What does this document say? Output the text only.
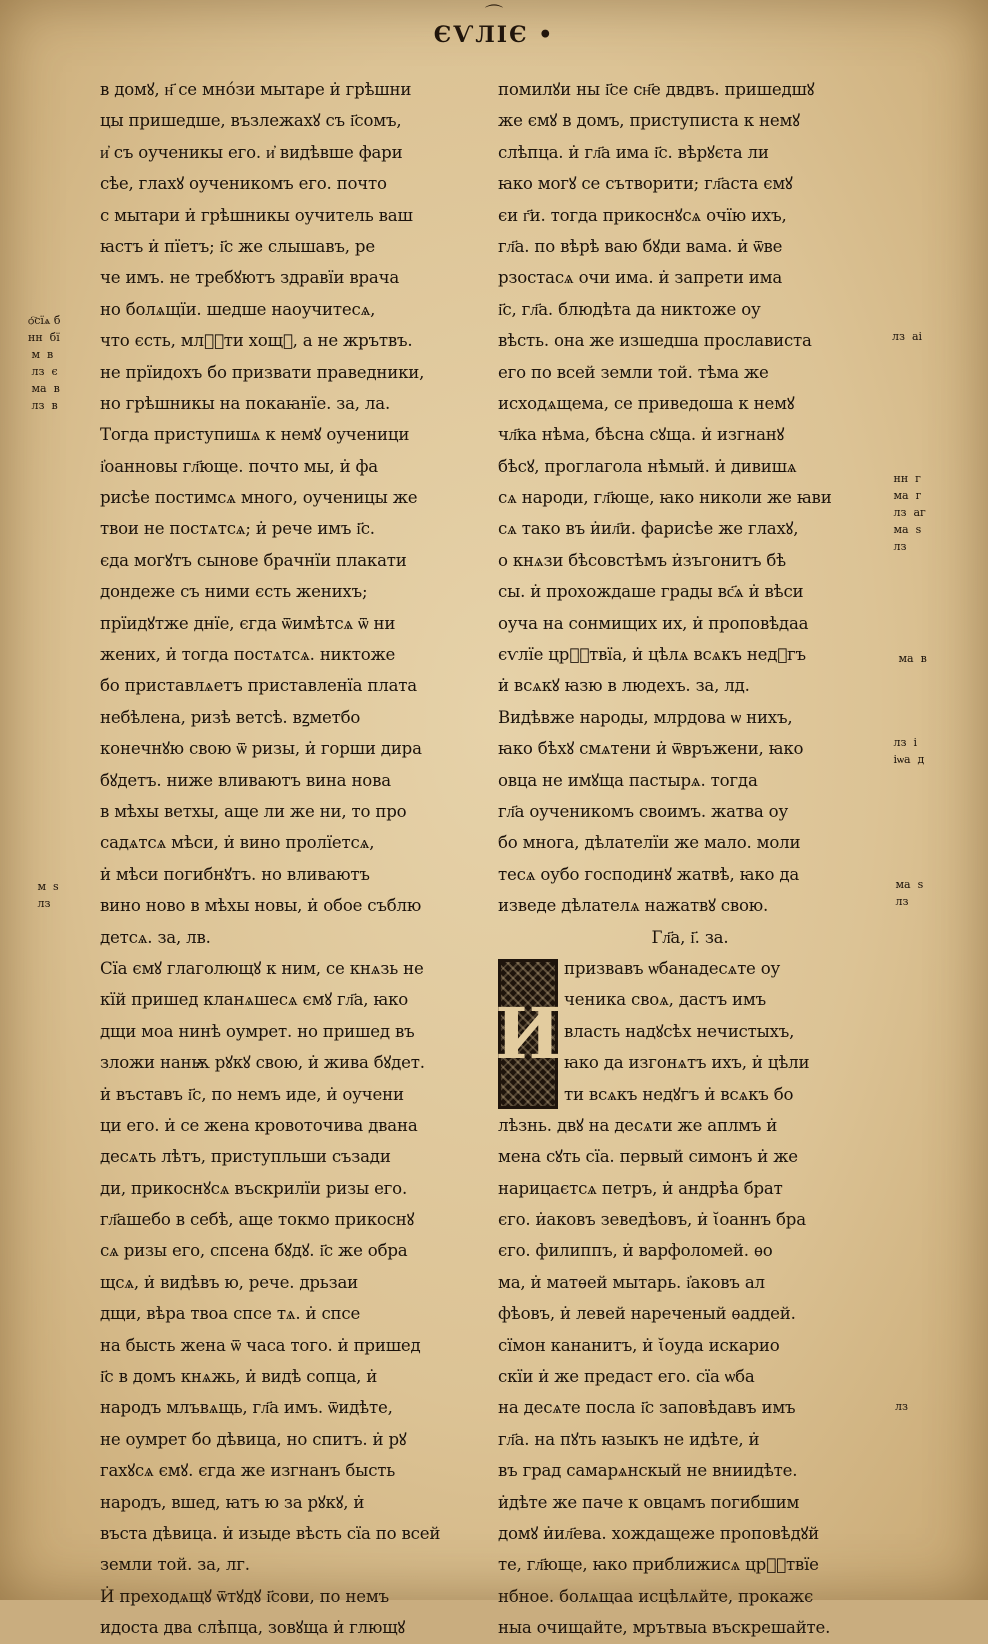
⌒
ЄѴЛІЄ •
в домꙋ, н҃ се мно́зи мытаре и̇ грѣшни
цы пришедше, възлежахꙋ съ і҃сомъ,
и҆ съ оученикы его. и҆ видѣвше фари
сѣе, глахꙋ оученикомъ его. почто
с мытари и̇ грѣшникы оучитель ваш
ꙗстъ и̇ пїетъ; і҃с же слышавъ, ре
че имъ. не требꙋютъ здравїи врача
но болѧщїи. шедше наоучитесѧ,
что єсть, млⷭ҇ти хощꙋ, а не жрътвъ.
не прїидохъ бо призвати праведники,
но грѣшникы на покаꙗнїе. за, ла.
Тогда приступишѧ к немꙋ оученици
і҆оанновы гл҃юще. почто мы, и̇ фа
рисѣе постимсѧ много, оученицы же
твои не постѧтсѧ; и̇ рече имъ і҃с.
єда могꙋтъ сынове брачнїи плакати
дондеже съ ними єсть женихъ;
прїидꙋтже днїе, єгда ѿимѣтсѧ ѿ ни
жених, и̇ тогда постѧтсѧ. никтоже
бо приставлѧетъ приставленїа плата
небѣлена, ризѣ ветсѣ. вꙁметбо
конечнꙋю свою ѿ ризы, и̇ горши дира
бꙋдетъ. ниже вливаютъ вина нова
в мѣхы ветхы, аще ли же ни, то про
садѧтсѧ мѣси, и̇ вино пролїетсѧ,
и̇ мѣси погибнꙋтъ. но вливаютъ
вино ново в мѣхы новы, и̇ обое съблю
детсѧ. за, лв.
Сїа ємꙋ глаголющꙋ к ним, се кнѧзь не
кїй пришед кланѧшесѧ ємꙋ гл҃а, ꙗко
дщи моа нинѣ оумрет. но пришед въ
зложи нанѭ рꙋкꙋ свою, и̇ жива бꙋдет.
и̇ въставъ і҃с, по немъ иде, и̇ оучени
ци его. и̇ се жена кровоточива двана
десѧть лѣтъ, приступльши съзади
ди, прикоснꙋсѧ въскрилїи ризы его.
гл҃ашебо в себѣ, аще токмо прикоснꙋ
сѧ ризы его, спсена бꙋдꙋ. і҃с же обра
щсѧ, и̇ видѣвъ ю, рече. дрьзаи
дщи, вѣра твоа спсе тѧ. и̇ спсе
на бысть жена ѿ часа того. и̇ пришед
і҃с в домъ кнѧжь, и̇ видѣ сопца, и̇
народъ млъвѧщь, гл҃а имъ. ѿидѣте,
не оумрет бо дѣвица, но спитъ. и̇ рꙋ
гахꙋсѧ ємꙋ. єгда же изгнанъ бысть
народъ, вшед, ꙗтъ ю за рꙋкꙋ, и̇
въста дѣвица. и̇ изыде вѣсть сїа по всей
земли той. за, лг.
И̇ преходѧщꙋ ѿтꙋдꙋ і҃сови, по немъ
идоста два слѣпца, зовꙋща и̇ глющꙋ
помилꙋи ны і҃се сн҃е двдвъ. пришедшꙋ
же ємꙋ в домъ, приступиста к немꙋ
слѣпца. и̇ гл҃а има і҃с. вѣрꙋєта ли
ꙗко могꙋ се сътворити; гл҃аста ємꙋ
єи г҃и. тогда прикоснꙋсѧ очїю ихъ,
гл҃а. по вѣрѣ ваю бꙋди вама. и̇ ѿве
рзостасѧ очи има. и̇ запрети има
і҃с, гл҃а. блюдѣта да никтоже оу
вѣсть. она же изшедша прослависта
его по всей земли той. тѣма же
исходѧщема, се приведоша к немꙋ
чл҃ка нѣма, бѣсна сꙋща. и̇ изгнанꙋ
бѣсꙋ, проглагола нѣмый. и̇ дивишѧ
сѧ народи, гл҃юще, ꙗко николи же ꙗви
сѧ тако въ и̇ил҃и. фарисѣе же глахꙋ,
о кнѧзи бѣсовстѣмъ и̇зъгонитъ бѣ
сы. и̇ прохождаше грады вс҃ѧ и̇ вѣси
оуча на сонмищих их, и̇ проповѣдаа
єѵлїе црⷭ҇твїа, и̇ цѣлѧ всѧкъ недꙋгъ
и̇ всѧкꙋ ꙗзю в людехъ. за, лд.
Видѣвже народы, млрдова ѡ нихъ,
ꙗко бѣхꙋ смѧтени и̇ ѿвръжени, ꙗко
овца не имꙋща пастырѧ. тогда
гл҃а оученикомъ своимъ. жатва оу
бо многа, дѣлателїи же мало. моли
тесѧ оубо господинꙋ жатвѣ, ꙗко да
изведе дѣлателѧ нажатвꙋ свою.
Гл҃а, і҃. за.
И
призвавъ ѡбанадесѧте оу
ченика своѧ, дастъ имъ
власть надꙋсѣх нечистыхъ,
ꙗко да изгонѧтъ ихъ, и̇ цѣли
ти всѧкъ недꙋгъ и̇ всѧкъ бо
лѣзнь. двꙋ на десѧти же аплмъ и̇
мена сꙋть сїа. первый симонъ и̇ же
нарицаєтсѧ петръ, и̇ андрѣа брат
єго. и̇аковъ зеведѣовъ, и̇ ꙇ̆оаннъ бра
єго. филиппъ, и̇ варфоломей. ѳо
ма, и̇ матѳей мытарь. і҆аковъ ал
фѣовъ, и̇ левей нареченый ѳаддей.
сїмон кананитъ, и̇ ꙇ̆оуда искарио
скїи и̇ же предаст его. сїа ѡба
на десѧте посла і҃с заповѣдавъ имъ
гл҃а. на пꙋть ꙗзыкъ не идѣте, и̇
въ град самарѧнскый не вниидѣте.
и̇дѣте же паче к овцамъ погибшим
домꙋ и̇ил҃ева. хождащеже проповѣдꙋй
те, гл҃юще, ꙗко приближисѧ црⷭ҇твїе
нбное. болѧщаа исцѣлѧйте, прокажє
ныа очищайте, мрътвыа въскрешайте.
ѻ҇сїѧ б
нн  бї
м  в
лз  є
ма  в
лз  в
м  ѕ
лз
лз  аі
нн  г
ма  г
лз  аг
ма  ѕ
лз
ма  в
лз  і
іѡа  д
ма  ѕ
лз
лз
